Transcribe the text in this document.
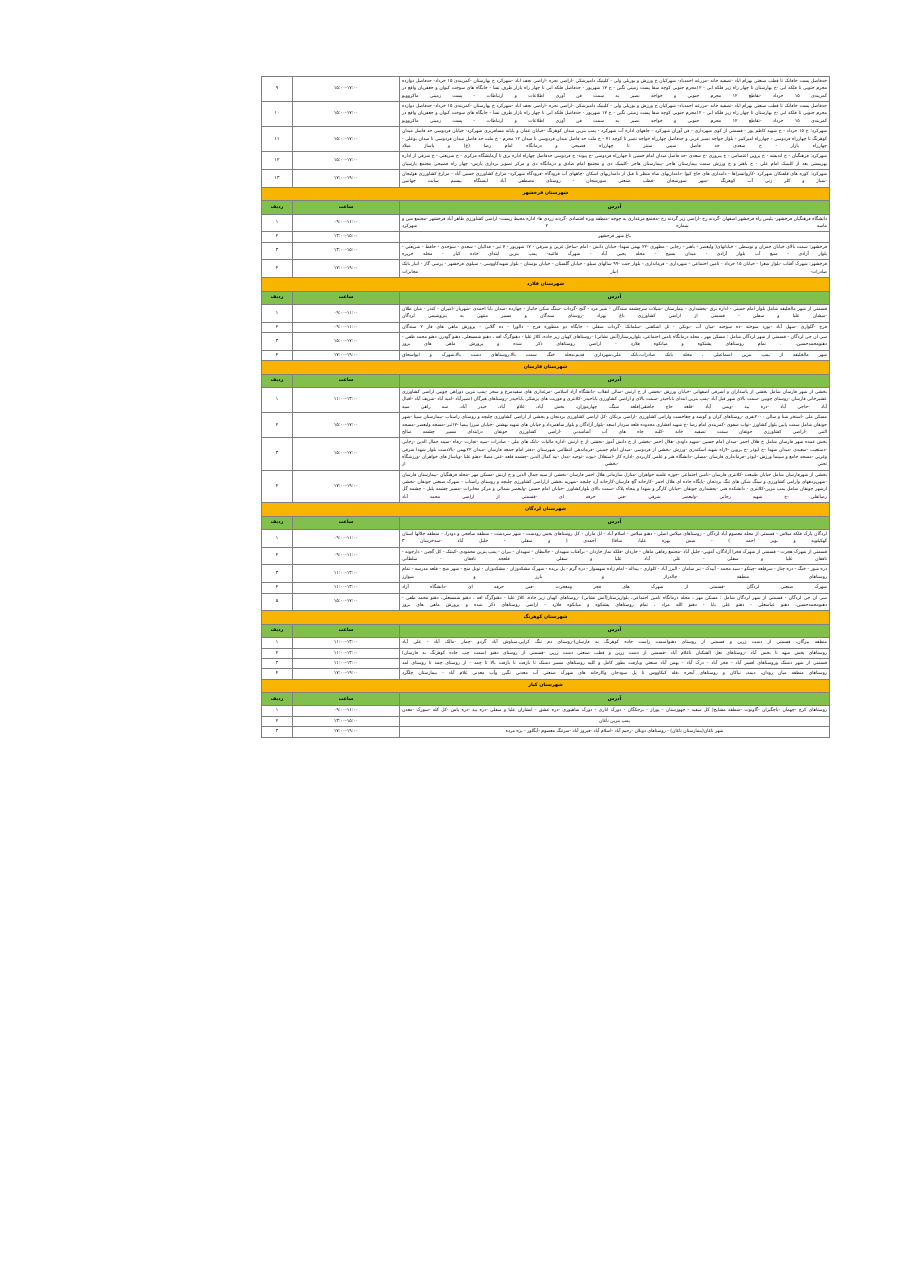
حدفاصل پست خافانک تا قطب صنعتی بهرام اباد -تصفیه خانه -مزرعه احمدباد- شهرکیان خ ورزش و بوربلی ولی - کلینیک دامپزشکی -اراضی نجره -اراضی نجف اباد -شهرکرد خ بهارستان -کمربندی ۱۵ خرداد- حدفاصل دوازده محرم جنوبی تا فلکه ابی -خ بهارستان تا چهار راه زیر فلکه ابی - ۱۲محرم جنوبی کوچه سقا پست زمینی نگین - خ ۱۷ شهریور - حدفاصل فلکه ابی تا چهار راه بازار طرف نسا - جایگاه های سوخت کیوان و جعفریان واقع در کمربندی ۱۵ خرداد -تقاطع ۱۲ محرم جنوبی و خواجه نصیر به سمت فن آوری اطلاعات و ارتباطات - پست زمینی ماکرووبو	۱۵:۰۰-۱۷:۰۰	۹
حدفاصل پست خافانک تا قطب صنعتی بهرام اباد -تصفیه خانه -مزرعه احمدباد- شهرکیان خ ورزش و بوربلی ولی - کلینیک دامپزشکی -اراضی نجره -اراضی نجف اباد -شهرکرد خ بهارستان -کمربندی ۱۵ خرداد- حدفاصل دوازده محرم جنوبی تا فلکه ابی -خ بهارستان تا چهار راه زیر فلکه ابی - ۱۲محرم جنوبی کوچه سقا پست زمینی نگین - خ ۱۷ شهریور - حدفاصل فلکه ابی تا چهار راه بازار طرف نسا - جایگاه های سوخت کیوان و جعفریان واقع در کمربندی ۱۵ خرداد -تقاطع ۱۲ محرم جنوبی و خواجه نصیر به سمت فن آوری اطلاعات و ارتباطات - پست زمینی ماکرووبو	۱۵:۰۰-۱۷:۰۰	۱۰
شهرکرد: خ ۱۵ خرداد - خ شهید کاظم پور - قسمتی از کوی شهرداری - فن آوران شهرکرد - چاههای اداره آب شهرکرد - پمپ بنزین میدان کوهرنگ -خیابان عمان و پایانه مسافربری شهرکرد- خیابان فردوسی حد فاصل میدان کوهرنگ تا چهارراه فردوسی - چهارراه امیرکبیر - بلوار خواجه نصیر غربی و حدفاصل چهارراه خواجه نصیر تا کوچه ۷۱ - خ ملت حد فاصل میدان فردوسی تا میدان ۱۲ محرم - خ ملت حد فاصل میدان فردوسی تا میدان بوعلی - چهارراه بازار - خ سعدی حد فاصل سینی سنتر تا چهارراه قصیحی و درمانگاه امام رضا (ع) و پاساژ میلاد	۱۵:۰۰-۱۷:۰۰	۱۱
شهرکرد: فرهنگیان - خ اندیشه - خ پروین اعتصامی - خ پیروزی -خ سعدی -حد فاصل میدان امام حسین تا چهارراه فردوسی -خ پیوند- خ فردوسی حدفاصل چهاراه اداره برق تا آزمایشگاه مرکزی - خ شریعتی - خ شرفی از اداره بهزیستی بعد از کلینیک امام علی - خ باهنر و خ ورزش سمت بیمارستان هاجر -بیمارستان هاجر -کلینیک دی و مجتمع امام صادق و درمانگاه دی و مرکز تصویر برداری پارس- چهار راه فصیحی مجتمع پارسیان	۱۵:۰۰-۱۷:۰۰	۱۲
شهرکرد: کوره های قلفنکان شهرکرد -کاروانسراها - دامداری های حاج کیوا -دامداریهای شاه منظر تا قبل از دامداریهای اسکان -چاههای آب فرودگاه -فرودگاه شهرکرد- مزارع کشاورزی حسین آباد - مزارع کشاورزی هوئیجان -بمیاژ و کلر زنی آب کوهرنگ -شهر سورشجان -قطب صنعتی سورشجان - روستای مصطفی آباد ایستگاه بیسیم سایت جهانبین	۱۷:۰۰-۱۹:۰۰	۱۳
شهرستان فرخشهر		
آدرس	ساعت	ردیف
دانشگاه فرهنگیان فرخشهر- پلیس راه فرخشهر اصفهان -گردنه رخ -اراضی زیر گردنه رخ -مجتمع مرغداری به جوجه -منطقه ویژه اقتصادی -گردنه زردی ها- اداره محیط زیست- اراضی کشاورزی ظاهر آباد فرخشهر -مجتمع شن و ماسه شماره ۲ شهرکرد	۰۹:۰۰-۱۱:۰۰	۱
باغ شهر فرخشهر	۱۳:۰۰-۱۵:۰۰	۲
فرخشهر: سمت بالای خیابان جمران و توسطی - خیابانهای( ولیعصر - باهنر - رجایی - مطهری -۲۲ بهمن شهدا- خیابان دانش - امام -ساحل غربی و شرقی - ۱۷ شهریور - ۷ تیر - فدائیان - سعدی - سوحدی - حافظ - شریعتی - بلوار آزادی - منبع آب بلوار آزادی - میدان بسیج - محله یحیی آباد - شهرک قائنیه- پمپ بنزین ابتدای جاده کیار - محله جزیره	۱۳:۰۰-۱۵:۰۰	۳
فرخشهر: شهرک آفتاب -بلوار شعرا - خیابان ۱۵ خرداد - تامین اجتماعی - شهرداری - فرمانداری - بلوار جنت -۹۹ سالهای سیلو - خیابان گلستان - خیابان بوستان - بلوار شهیدکاووسی - سیلوی فرخشهر - پرسی گاز - انبار بانک صادرات- انبار مخابرات	۱۷:۰۰-۱۹:۰۰	۴
شهرستان فلارد		
آدرس	ساعت	ردیف
قسمتی از شهر مالخلیفه شامل بلوار امام خمینی - اداره برق -بخشداری - بیمارستان -شیلات سرچشمه سندگان - شیر مرد - گنج -گرداب -سنگ شکن جانباز - چهارده -میدان بابا احمدی -شهریار -امیران - کندر - میان طلان -میشان علیا و سفلی - قسمتی از اراضی کشاورزی باغ بهزاد -روستای سندگان و مسیر منتهی به پتروشیمی لردگان	۰۹:۰۰-۱۱:۰۰	۱
فرح -گلواری -سهل آباد -بورد سوخته -ده سوخته -میان آب -بونکی - تل اشکفتی -سلمانک -گرداب سفلی - جایگاه دو منظوره فرح - دالورا - ده گلابی - پرورش ماهی های فاز ۲ سندگان	۰۹:۰۰-۱۱:۰۰	۲
سی ان جی لردگان - قسمتی از شهر لردگان شامل : مسکن مهر ، محله درمانگاه تامین اجتماعی، بلوارپرستار(آتش نشانی) -روستاهای کهیان زیر جاده، کلاژ علیا - دهنوگرگ افه ، دهنو شمسعلی، دهنو گودرز، دهنو محمد ظفی - دهنومحمدحسین، . تمام روستاهای پشتکوه و میانکوه فلارد - اراضی روستاهای ذکر شده و پرورش ماهی های بروز	۱۵:۰۰-۱۷:۰۰	۳
شهر مالخلیفه از پمپ بنزین اسماعیلی ، محله بانک صادرات،بانک ملی،شهرداری قدیم،محله خنگ سمت بالا،روستاهای دشت بالا،شهرک و ابواسحاق	۱۷:۰۰-۱۹:۰۰	۴
شهرستان فارسان		
آدرس	ساعت	ردیف
بخشی از شهر فارسان شامل بخشی از پاسداران و اشرفی اصفهانی -خیابان ورزش -بخشی از خ ارتش -سالن انقلاب -دانشگاه آزاد اسلامی -مرغداری های سفیدمرغ و سحر -پمپ بنزین دوراهی چوبین اراضی کشاورزی عشیرخانی فارسان -روستای چوبین -سمت بالای شهر قبل آباد -پمپ بنزین ابتدای باباحیدر -سمت بالای و اراضی کشاورزی باباحیدر -کلانتری و فوریت های پزشکی باباحیدر -روستاهای هیرگان (نصیرآباد -امید آباد -شریف آباد -اقبال آباد -حاجی آباد -دره بید -وبس آباد -قلعه حاج جافتقی(قلعه سنگ، چهارموزان، بخش آباد، غلام آباد، حیدر آباد، سه راهی سپه	۱۱:۰۰-۱۳:۰۰	۱
مسکن ملی -استخر شنا و سالن ۲۰۰۰نفری -روستاهای کران و کوشه و چغاخست وارامی کشاورزی -اراضی برنکان -کل اراضی کشاورزی بردنجان و بخشی از اراضی کشاورزی چلیچه و روستای راستاب -بیمارستان سینا -شهر جونقان شامل سمت پایین بلوار کشاورز -نواب صفوی -کمربندی امام رضا -خ شهید افشاری محدوده قلعه سردار اسعد -بلوار آزادگان و بلوار شاهمرداد و خیابان های شهید بهشتی -خیابان میرزا بیضا -۱۷تیر -مسجد ولیعصر -مسجد النبی -اراضی کشاورزی جونقان سمت تصفیه خانه -کلیه چاه های آب آشامیدنی -اراضی کشاورزی جونقان درابتدای مسیر چشمه صالح	۱۵:۰۰-۱۷:۰۰	۲
بخش عمده شهر فارسان شامل خ هلال احمر -میدان امام حسین -شهید داودی -هلال احمر -بخشی از خ دانش آموز -بخشی از خ ارتش -اداره مالیات -بانک های ملی - صادرات -سپه -تجارت -رفاه -سپند جمال الدین -رجایی -دستغیب -سعیدی -میدان شهدا -خ ابوذر -خ پروین -۴راه شهید اسکندری -ورزش -بخشی از فردوسی -میدان امام خمینی -فرماندهی انتظامی شهرستان -دفتر امام جمعه فارسان -میدان ۲۲بهمن -بالادست بلوار شهدا شرقی وغربی -مسجد جامع و سینما ورزش -ابوذر -فرمانداری فارسان -مصلی -دانشگاه هنر و علمی کاربردی -اداره کار -استقلال -نبوت -توحید -مدل -نیه کمال الدین -چشمه قلعه -غنی مصلا -دهنو علیا -وپاساژ های خواهران -ورزشگاه تختی -بخشی از	۱۵:۰۰-۱۷:۰۰	۳
بخشی از شهرفارسان شامل خیابان طبیعت -کلانتری فارسان -تامین اجتماعی -حوزه علمیه خواهران -منازل سازمانی هلال احمر فارسان -بخشی از سپه جمال الدین و خ ارتش -مسکن مهر -محله فرهنگیان -بیمارستان فارسان -شهرپردههای وارامی کشاورزی و سنگ شکن های تنگ بردنجان -پایگاه جاده ای هلال احمر -کارخانه گچ فارسان-کارخانه آرد چلیچه -شهریه بخشی ازاراضی کشاورزی چلیچه و روستای راستاب - شهرک صنعتی جونقان -بخشی ازشهر جونقان شامل پمپ بنزین-کلانتری - دانشکده فنی -بخشداری جونقان -خیابان کارگر و شهدا و پنجاه پلاک -سمت بالای بلوارکشاورز -خیابان امام حسین -ولیعصر شمالی و مرکز مخابرات -مسیر چشمه بلبل - چشمه گل رضاتقلی -خ شهید رجایی -ولیعصر شرقی -فنی حرفه ای -قسمتی از اراضی محمد آباد	۱۷:۰۰-۱۹:۰۰	۴
شهرستان لردگان		
آدرس	ساعت	ردیف
لردگان پارک فلکه میلاس - قسمتی از محله معصوم آباد لردگان - روستاهای میلاس اصلی - دهنو میلاس - اسلام آباد - لل ماران - کل روستاهای بخش رودشت - شهر سردشت - منطقه سافجی و دودرا، - منطقه جلالها استان کهکیلویه و بویر احمد ) - شش بهره علیا، مباقا) احمدی ( و سفلی - خلیل آباد -سدخرسان ۳	۰۹:۰۰-۱۱:۰۰	۱
قسمتی از شهرک هجرت - قسمتی از شهرک فخرا آزادگان، آموبی- جلیل آباد -مجتمع رفاهی ماهان - خاردان -فلکه نماز خاردان - برآفتاب شهیدان - جالبطان - شهیدان - بیران - پمپ بنزین محمودی -کینتک - کل گچین - دارجونه - نافقان علیا و سفلی - علی آباد علیا و سفلی - قلعجه نافقان - سلطانی	۰۹:۰۰-۱۱:۰۰	۲
دره شور - خنگ - دره چنار - سرقلعه -چیتکو - سید محمد - آبیدک - تیر سامان - البرز آباد - کلواری - پیداله - امام زاده شهسوار - دره گرم - پل بریده - شهرک مشکدوزان - مشکدوزان - تونل منج - شهر منج - قلعه مدرسه - تمام روستاهای منطقه چالدراز و بارز و شوارز	۱۱:۰۰-۱۳:۰۰	۳
شهرک صنعتی لردگان -قسمتی از شهرک های فجر ومعجرت -فنی حرفه ای -دانشگاه آزاد	۱۱:۰۰-۱۳:۰۰	۴
سی ان جی لردگان - قسمتی از شهر لردگان شامل : مسکن مهر ، محله درمانگاه تامین اجتماعی، بلوارپرستار(آتش نشانی) -روستاهای کهیان زیر جاده، کلاژ علیا - دهنوگرگ افه ، دهنو شمسعلی، دهنو محمد ظفی - دهنومحمدحسین، دهنو عباسعلی - دهنو علی بابا - دهنو الله مراد ، تمام روستاهای پشتکوه و میانکوه فلارد - اراضی روستاهای ذکر شده و پرورش ماهی های بروز	۱۵:۰۰-۱۷:۰۰	۵
شهرستان کوهرنگ		
آدرس	ساعت	ردیف
منطقه بیرگان، قسمتی از دشت زرین و قسمتی از روستای دهنو(سمت راست جاده کوهرنگ به فارسان)-روستای دم تنگ کرایی،سیاوش آباد گردو -چمار -مالک آباد - علی آباد	۱۱:۰۰-۱۳:۰۰	۱
روستاهای بخش میهه تا بخش آباد -روستاهای نعل الشکنان ناغلام آباد -قسمتی از دشت زرین و قطب صنعتی دشت زرین -قسمتی از روستای دهنو (سمت چپ جاده کوهرنگ به فارسان)	۱۱:۰۰-۱۳:۰۰	۲
قسمتی از شهر دشتک وروستاهای افسر آباد - فخر آباد - درک آباد - بهمن آباد صنعتی وبازفت بطور کامل و کلیه روستاهای مسیر دشتک تا بازفت تا بازفت بالا تا چمد - از روستای چمد تا روستای لمد	۱۱:۰۰-۱۳:۰۰	۳
روستاهای منطقه میان رودان، دیمه، نباکان و روستاهای آبجره ،قله کبکاووس تا پل سودجان وکارخانه های شهرک صنعتی آب معدنی نگین وآب معدنی غلام آباد - بیمارستان چلگرد	۱۷:۰۰-۱۹:۰۰	۴
شهرستان کیار		
آدرس	ساعت	ردیف
روستاهای کرچ -چهمان -باجگیران -گاونوت -منطقه مشایخ( کل سفید - جهوزستان - پوراز - برجکگان - دورک اناری - دورک شاهپوری -دره عشق - ابشاران علیا و سفلی -دره بید -دره یاس -کل کله -سورک -معدن	۰۹:۰۰-۱۱:۰۰	۱
پمپ بنزین ناغان	۱۳:۰۰-۱۵:۰۰	۲
شهر ناغان(بیمارستان ناغان) - روستاهای دوبلان -رحیم آباد -اسلام آباد -فیروز آباد -سرتنگ معصوم -آبگلور - بره مرده	۱۷:۰۰-۱۹:۰۰	۳
